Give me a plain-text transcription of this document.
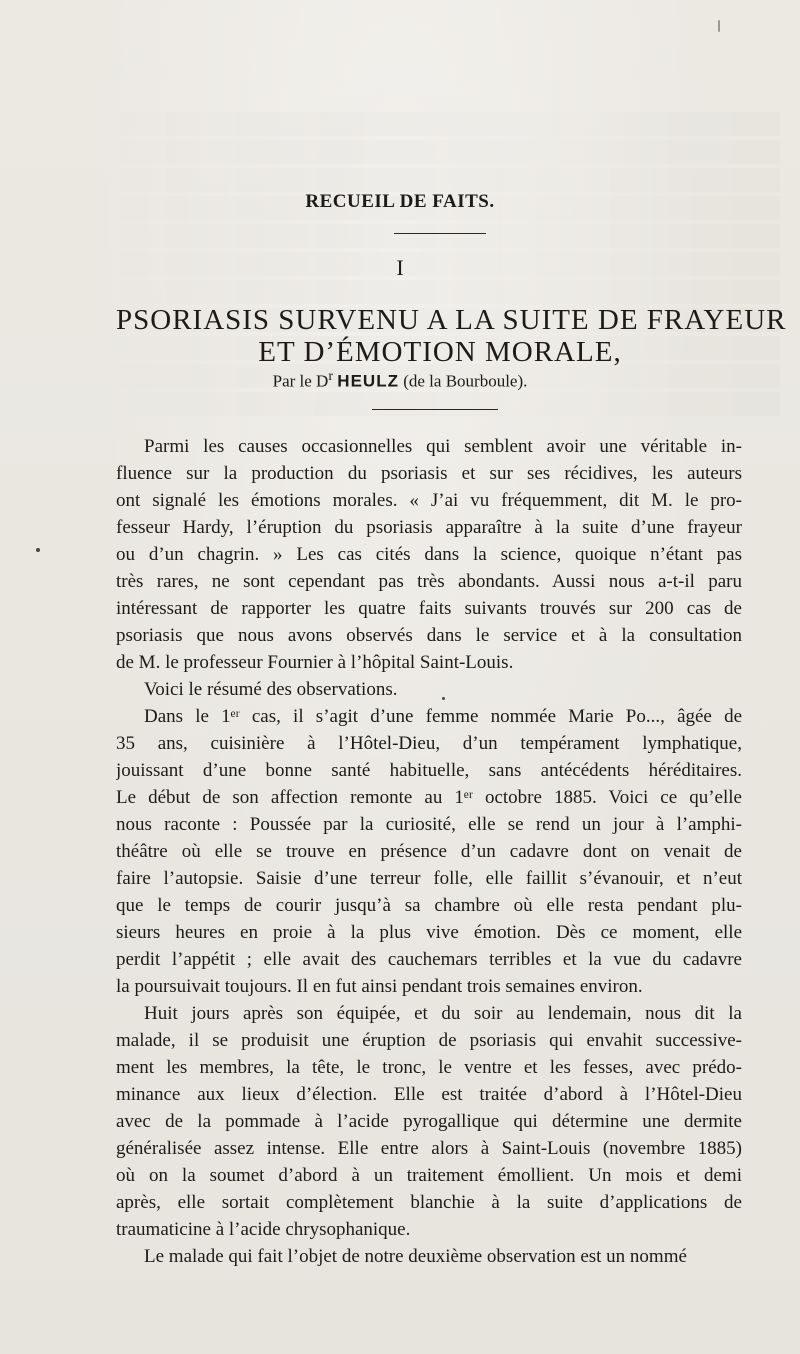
RECUEIL DE FAITS.
I
PSORIASIS SURVENU A LA SUITE DE FRAYEUR
ET D’ÉMOTION MORALE,
Par le $D^r$ HEULZ (de la Bourboule).
Parmi les causes occasionnelles qui semblent avoir une véritable in-
fluence sur la production du psoriasis et sur ses récidives, les auteurs
ont signalé les émotions morales. « J’ai vu fréquemment, dit M. le pro-
fesseur Hardy, l’éruption du psoriasis apparaître à la suite d’une frayeur
ou d’un chagrin. » Les cas cités dans la science, quoique n’étant pas
très rares, ne sont cependant pas très abondants. Aussi nous a-t-il paru
intéressant de rapporter les quatre faits suivants trouvés sur 200 cas de
psoriasis que nous avons observés dans le service et à la consultation
de M. le professeur Fournier à l’hôpital Saint-Louis.
Voici le résumé des observations.
Dans le 1ᵉʳ cas, il s’agit d’une femme nommée Marie Po..., âgée de
35 ans, cuisinière à l’Hôtel-Dieu, d’un tempérament lymphatique,
jouissant d’une bonne santé habituelle, sans antécédents héréditaires.
Le début de son affection remonte au 1ᵉʳ octobre 1885. Voici ce qu’elle
nous raconte : Poussée par la curiosité, elle se rend un jour à l’amphi-
théâtre où elle se trouve en présence d’un cadavre dont on venait de
faire l’autopsie. Saisie d’une terreur folle, elle faillit s’évanouir, et n’eut
que le temps de courir jusqu’à sa chambre où elle resta pendant plu-
sieurs heures en proie à la plus vive émotion. Dès ce moment, elle
perdit l’appétit ; elle avait des cauchemars terribles et la vue du cadavre
la poursuivait toujours. Il en fut ainsi pendant trois semaines environ.
Huit jours après son équipée, et du soir au lendemain, nous dit la
malade, il se produisit une éruption de psoriasis qui envahit successive-
ment les membres, la tête, le tronc, le ventre et les fesses, avec prédo-
minance aux lieux d’élection. Elle est traitée d’abord à l’Hôtel-Dieu
avec de la pommade à l’acide pyrogallique qui détermine une dermite
généralisée assez intense. Elle entre alors à Saint-Louis (novembre 1885)
où on la soumet d’abord à un traitement émollient. Un mois et demi
après, elle sortait complètement blanchie à la suite d’applications de
traumaticine à l’acide chrysophanique.
Le malade qui fait l’objet de notre deuxième observation est un nommé
